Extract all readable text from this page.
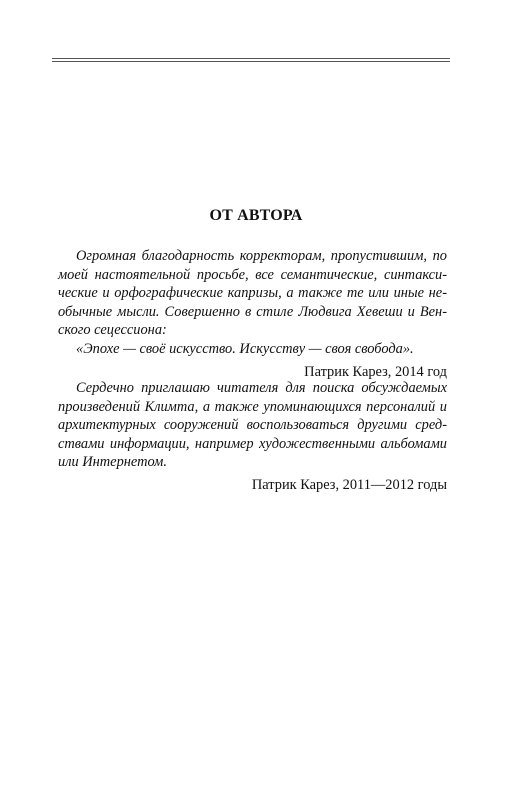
ОТ АВТОРА

Огромная благодарность корректорам, пропустившим, по моей настоятельной просьбе, все семантические, синтаксические и орфографические капризы, а также те или иные необычные мысли. Совершенно в стиле Людвига Хевеши и Венского сецессиона:

«Эпохе — своё искусство. Искусству — своя свобода».

Патрик Карез, 2014 год

Сердечно приглашаю читателя для поиска обсуждаемых произведений Климта, а также упоминающихся персоналий и архитектурных сооружений воспользоваться другими средствами информации, например художественными альбомами или Интернетом.

Патрик Карез, 2011—2012 годы
